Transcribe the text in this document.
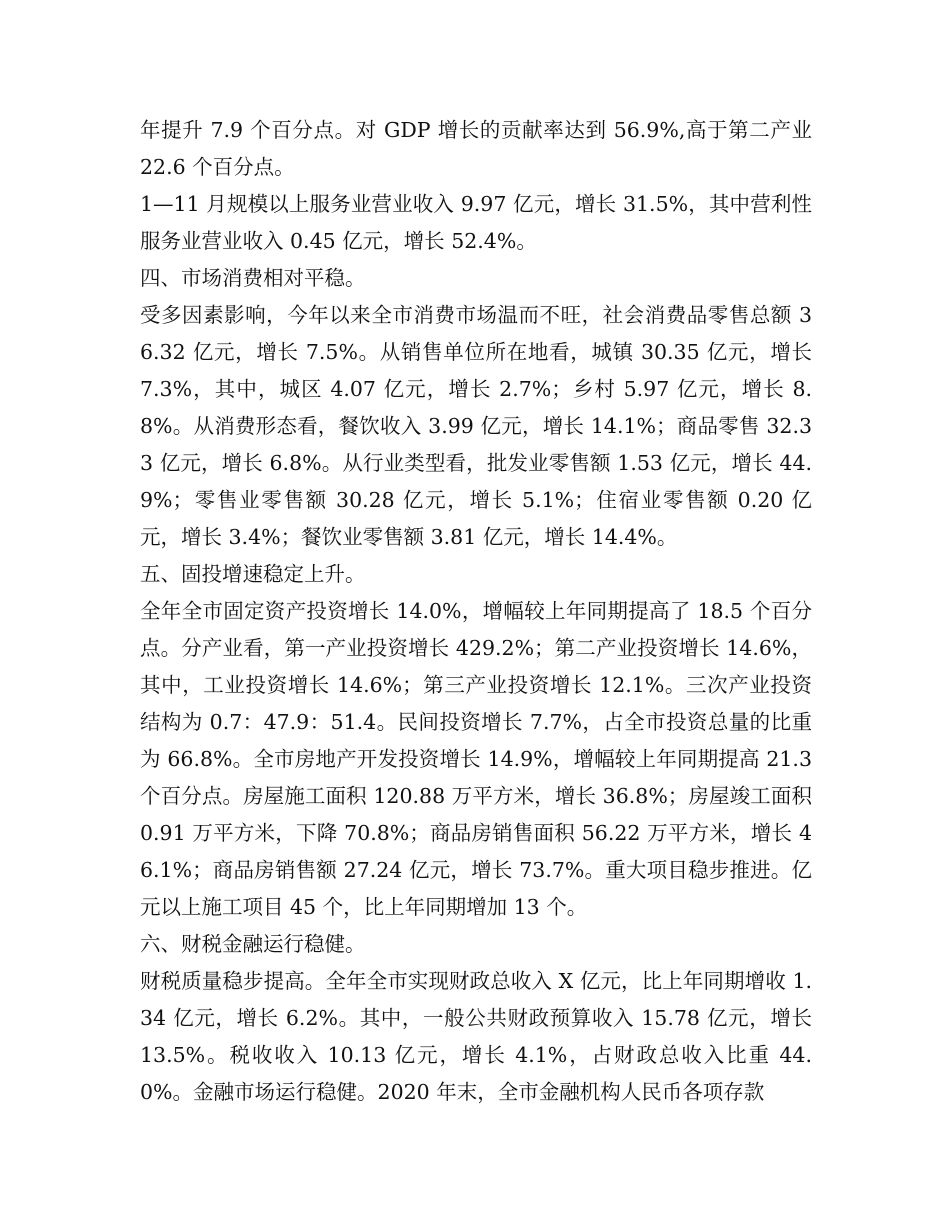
年提升 7.9 个百分点。对 GDP 增长的贡献率达到 56.9%,高于第二产业 22.6 个百分点。

1—11 月规模以上服务业营业收入 9.97 亿元，增长 31.5%，其中营利性服务业营业收入 0.45 亿元，增长 52.4%。

四、市场消费相对平稳。

受多因素影响，今年以来全市消费市场温而不旺，社会消费品零售总额 36.32 亿元，增长 7.5%。从销售单位所在地看，城镇 30.35 亿元，增长 7.3%，其中，城区 4.07 亿元，增长 2.7%；乡村 5.97 亿元，增长 8.8%。从消费形态看，餐饮收入 3.99 亿元，增长 14.1%；商品零售 32.33 亿元，增长 6.8%。从行业类型看，批发业零售额 1.53 亿元，增长 44.9%；零售业零售额 30.28 亿元，增长 5.1%；住宿业零售额 0.20 亿元，增长 3.4%；餐饮业零售额 3.81 亿元，增长 14.4%。

五、固投增速稳定上升。

全年全市固定资产投资增长 14.0%，增幅较上年同期提高了 18.5 个百分点。分产业看，第一产业投资增长 429.2%；第二产业投资增长 14.6%，其中，工业投资增长 14.6%；第三产业投资增长 12.1%。三次产业投资结构为 0.7：47.9：51.4。民间投资增长 7.7%，占全市投资总量的比重为 66.8%。全市房地产开发投资增长 14.9%，增幅较上年同期提高 21.3 个百分点。房屋施工面积 120.88 万平方米，增长 36.8%；房屋竣工面积 0.91 万平方米，下降 70.8%；商品房销售面积 56.22 万平方米，增长 46.1%；商品房销售额 27.24 亿元，增长 73.7%。重大项目稳步推进。亿元以上施工项目 45 个，比上年同期增加 13 个。

六、财税金融运行稳健。

财税质量稳步提高。全年全市实现财政总收入 X 亿元，比上年同期增收 1.34 亿元，增长 6.2%。其中，一般公共财政预算收入 15.78 亿元，增长 13.5%。税收收入 10.13 亿元，增长 4.1%，占财政总收入比重 44.0%。金融市场运行稳健。2020 年末，全市金融机构人民币各项存款
